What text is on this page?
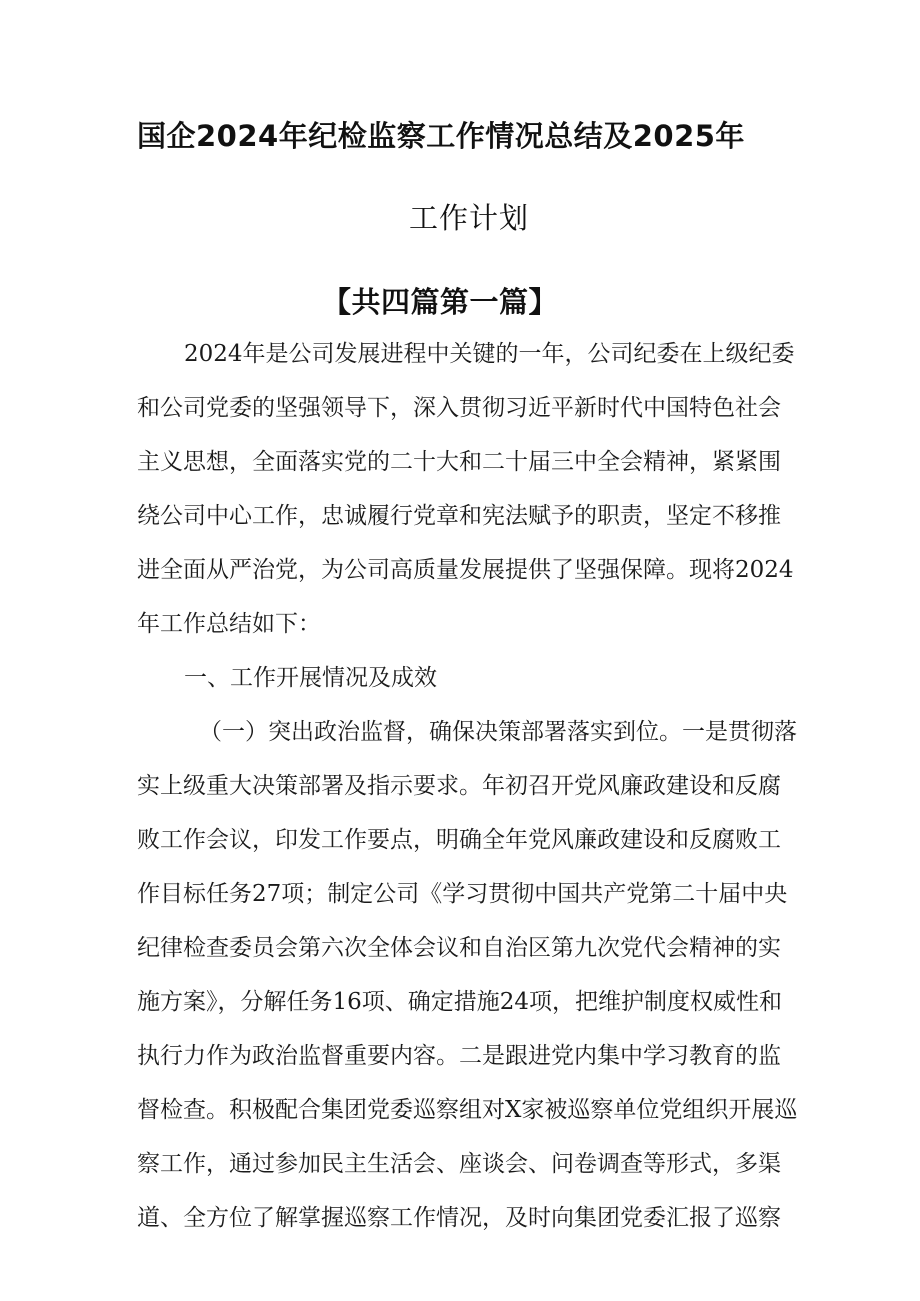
国企2024年纪检监察工作情况总结及2025年
工作计划
【共四篇第一篇】

2024年是公司发展进程中关键的一年，公司纪委在上级纪委

和公司党委的坚强领导下，深入贯彻习近平新时代中国特色社会

主义思想，全面落实党的二十大和二十届三中全会精神，紧紧围

绕公司中心工作，忠诚履行党章和宪法赋予的职责，坚定不移推

进全面从严治党，为公司高质量发展提供了坚强保障。现将2024

年工作总结如下：

一、工作开展情况及成效

（一）突出政治监督，确保决策部署落实到位。一是贯彻落

实上级重大决策部署及指示要求。年初召开党风廉政建设和反腐

败工作会议，印发工作要点，明确全年党风廉政建设和反腐败工

作目标任务27项；制定公司《学习贯彻中国共产党第二十届中央

纪律检查委员会第六次全体会议和自治区第九次党代会精神的实

施方案》，分解任务16项、确定措施24项，把维护制度权威性和

执行力作为政治监督重要内容。二是跟进党内集中学习教育的监

督检查。积极配合集团党委巡察组对X家被巡察单位党组织开展巡

察工作，通过参加民主生活会、座谈会、问卷调查等形式，多渠

道、全方位了解掌握巡察工作情况，及时向集团党委汇报了巡察
